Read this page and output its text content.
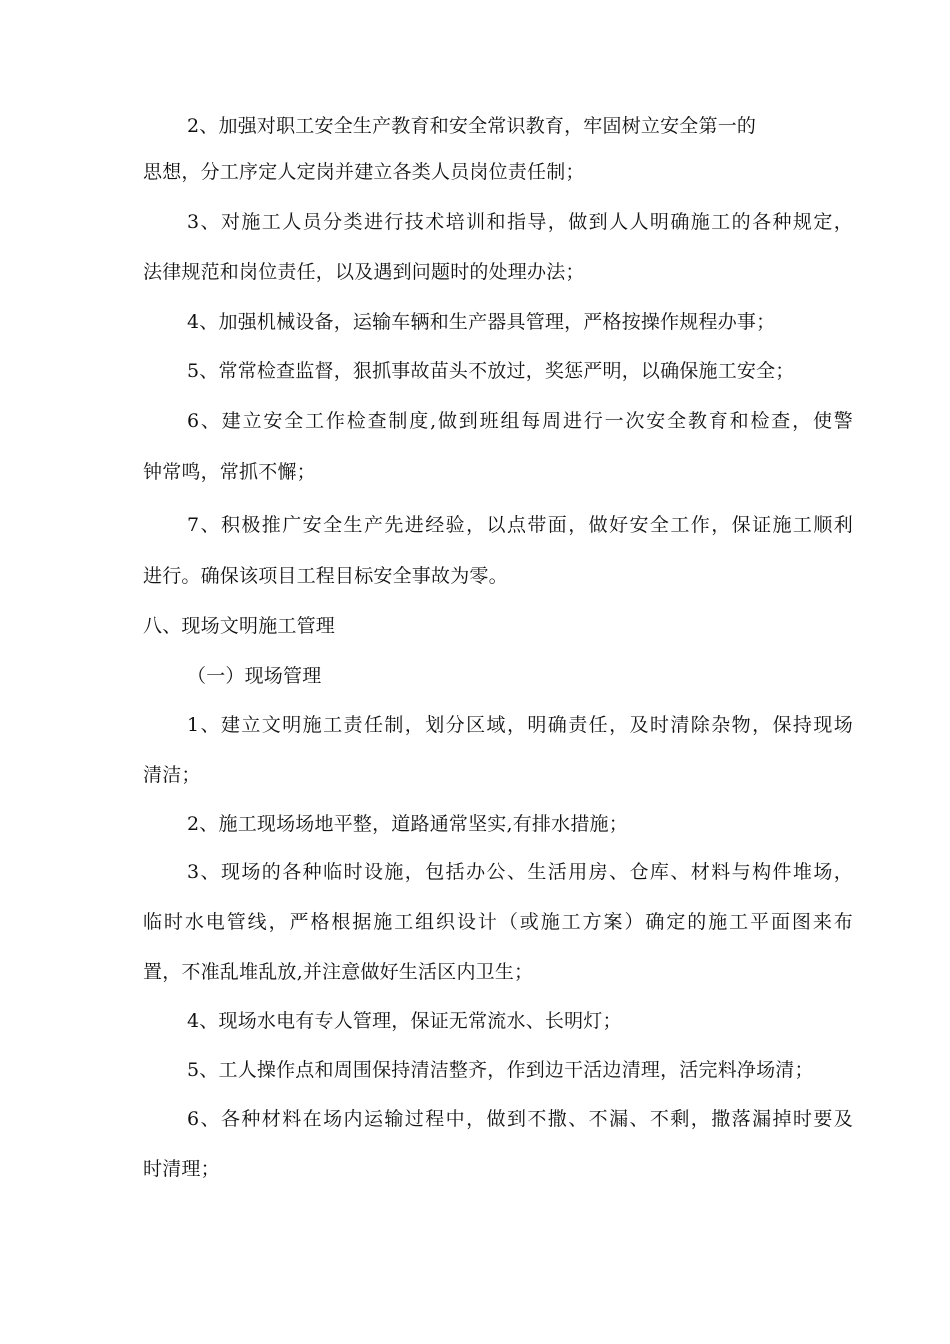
2、加强对职工安全生产教育和安全常识教育，牢固树立安全第一的
思想，分工序定人定岗并建立各类人员岗位责任制；
3、对施工人员分类进行技术培训和指导，做到人人明确施工的各种规定，
法律规范和岗位责任，以及遇到问题时的处理办法；
4、加强机械设备，运输车辆和生产器具管理，严格按操作规程办事；
5、常常检查监督，狠抓事故苗头不放过，奖惩严明，以确保施工安全；
6、建立安全工作检查制度,做到班组每周进行一次安全教育和检查，使警
钟常鸣，常抓不懈；
7、积极推广安全生产先进经验，以点带面，做好安全工作，保证施工顺利
进行。确保该项目工程目标安全事故为零。
八、现场文明施工管理
（一）现场管理
1、建立文明施工责任制，划分区域，明确责任，及时清除杂物，保持现场
清洁；
2、施工现场场地平整，道路通常坚实,有排水措施；
3、现场的各种临时设施，包括办公、生活用房、仓库、材料与构件堆场，
临时水电管线，严格根据施工组织设计（或施工方案）确定的施工平面图来布
置，不准乱堆乱放,并注意做好生活区内卫生；
4、现场水电有专人管理，保证无常流水、长明灯；
5、工人操作点和周围保持清洁整齐，作到边干活边清理，活完料净场清；
6、各种材料在场内运输过程中，做到不撒、不漏、不剩，撒落漏掉时要及
时清理；
